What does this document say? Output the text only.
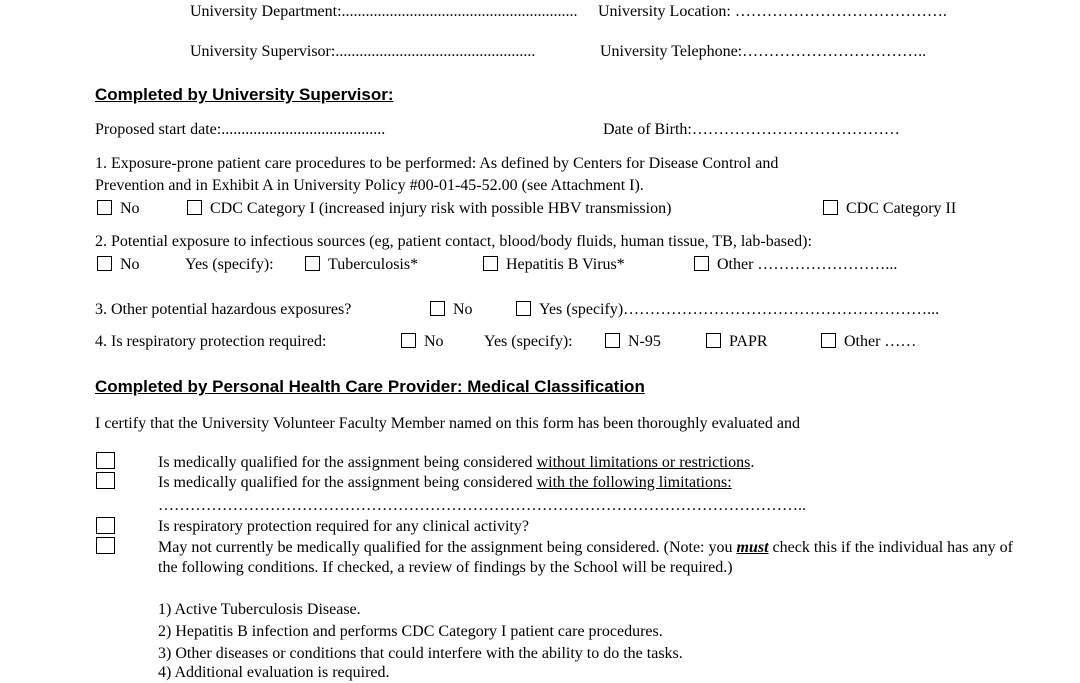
University Department:........................................................... University Location: ………………………………….
University Supervisor:..................................................	University Telephone:……………………………..
Completed by University Supervisor:
Proposed start date:.........................................	Date of Birth:…………………………………
1. Exposure-prone patient care procedures to be performed: As defined by Centers for Disease Control and
Prevention and in Exhibit A in University Policy #00-01-45-52.00 (see Attachment I).
No	CDC Category I (increased injury risk with possible HBV transmission)	CDC Category II
2. Potential exposure to infectious sources (eg, patient contact, blood/body fluids, human tissue, TB, lab-based):
No	Yes (specify):	Tuberculosis*	Hepatitis B Virus*	Other ……………………...
3. Other potential hazardous exposures?	No	Yes (specify)…………………………………………………...
4. Is respiratory protection required:	No	Yes (specify):	N-95	PAPR	Other ……
Completed by Personal Health Care Provider: Medical Classification
I certify that the University Volunteer Faculty Member named on this form has been thoroughly evaluated and
Is medically qualified for the assignment being considered without limitations or restrictions.
Is medically qualified for the assignment being considered with the following limitations:
…………………………………………………………………………………………………………..
Is respiratory protection required for any clinical activity?
May not currently be medically qualified for the assignment being considered. (Note: you must check this if the individual has any of the following conditions. If checked, a review of findings by the School will be required.)
1) Active Tuberculosis Disease.
2) Hepatitis B infection and performs CDC Category I patient care procedures.
3) Other diseases or conditions that could interfere with the ability to do the tasks.
4) Additional evaluation is required.
